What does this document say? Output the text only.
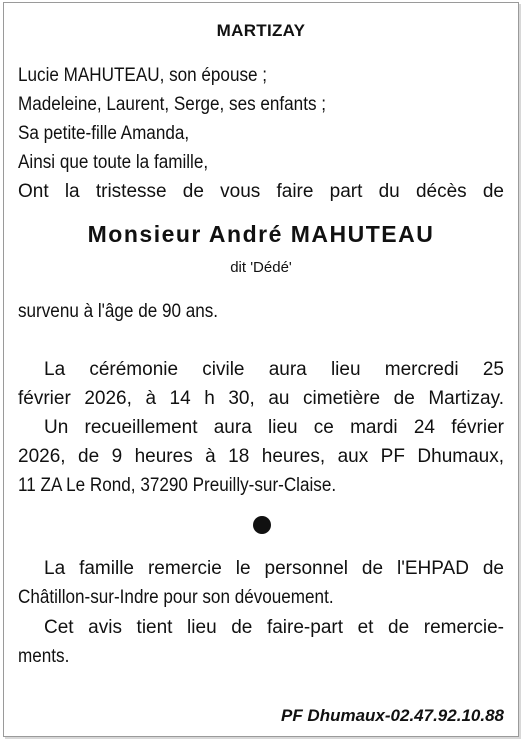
MARTIZAY
Lucie MAHUTEAU, son épouse ;
Madeleine, Laurent, Serge, ses enfants ;
Sa petite-fille Amanda,
Ainsi que toute la famille,
Ont la tristesse de vous faire part du décès de
Monsieur André MAHUTEAU
dit 'Dédé'
survenu à l'âge de 90 ans.
La cérémonie civile aura lieu mercredi 25
février 2026, à 14 h 30, au cimetière de Martizay.
Un recueillement aura lieu ce mardi 24 février
2026, de 9 heures à 18 heures, aux PF Dhumaux,
11 ZA Le Rond, 37290 Preuilly-sur-Claise.
La famille remercie le personnel de l'EHPAD de
Châtillon-sur-Indre pour son dévouement.
Cet avis tient lieu de faire-part et de remercie-
ments.
PF Dhumaux-02.47.92.10.88
